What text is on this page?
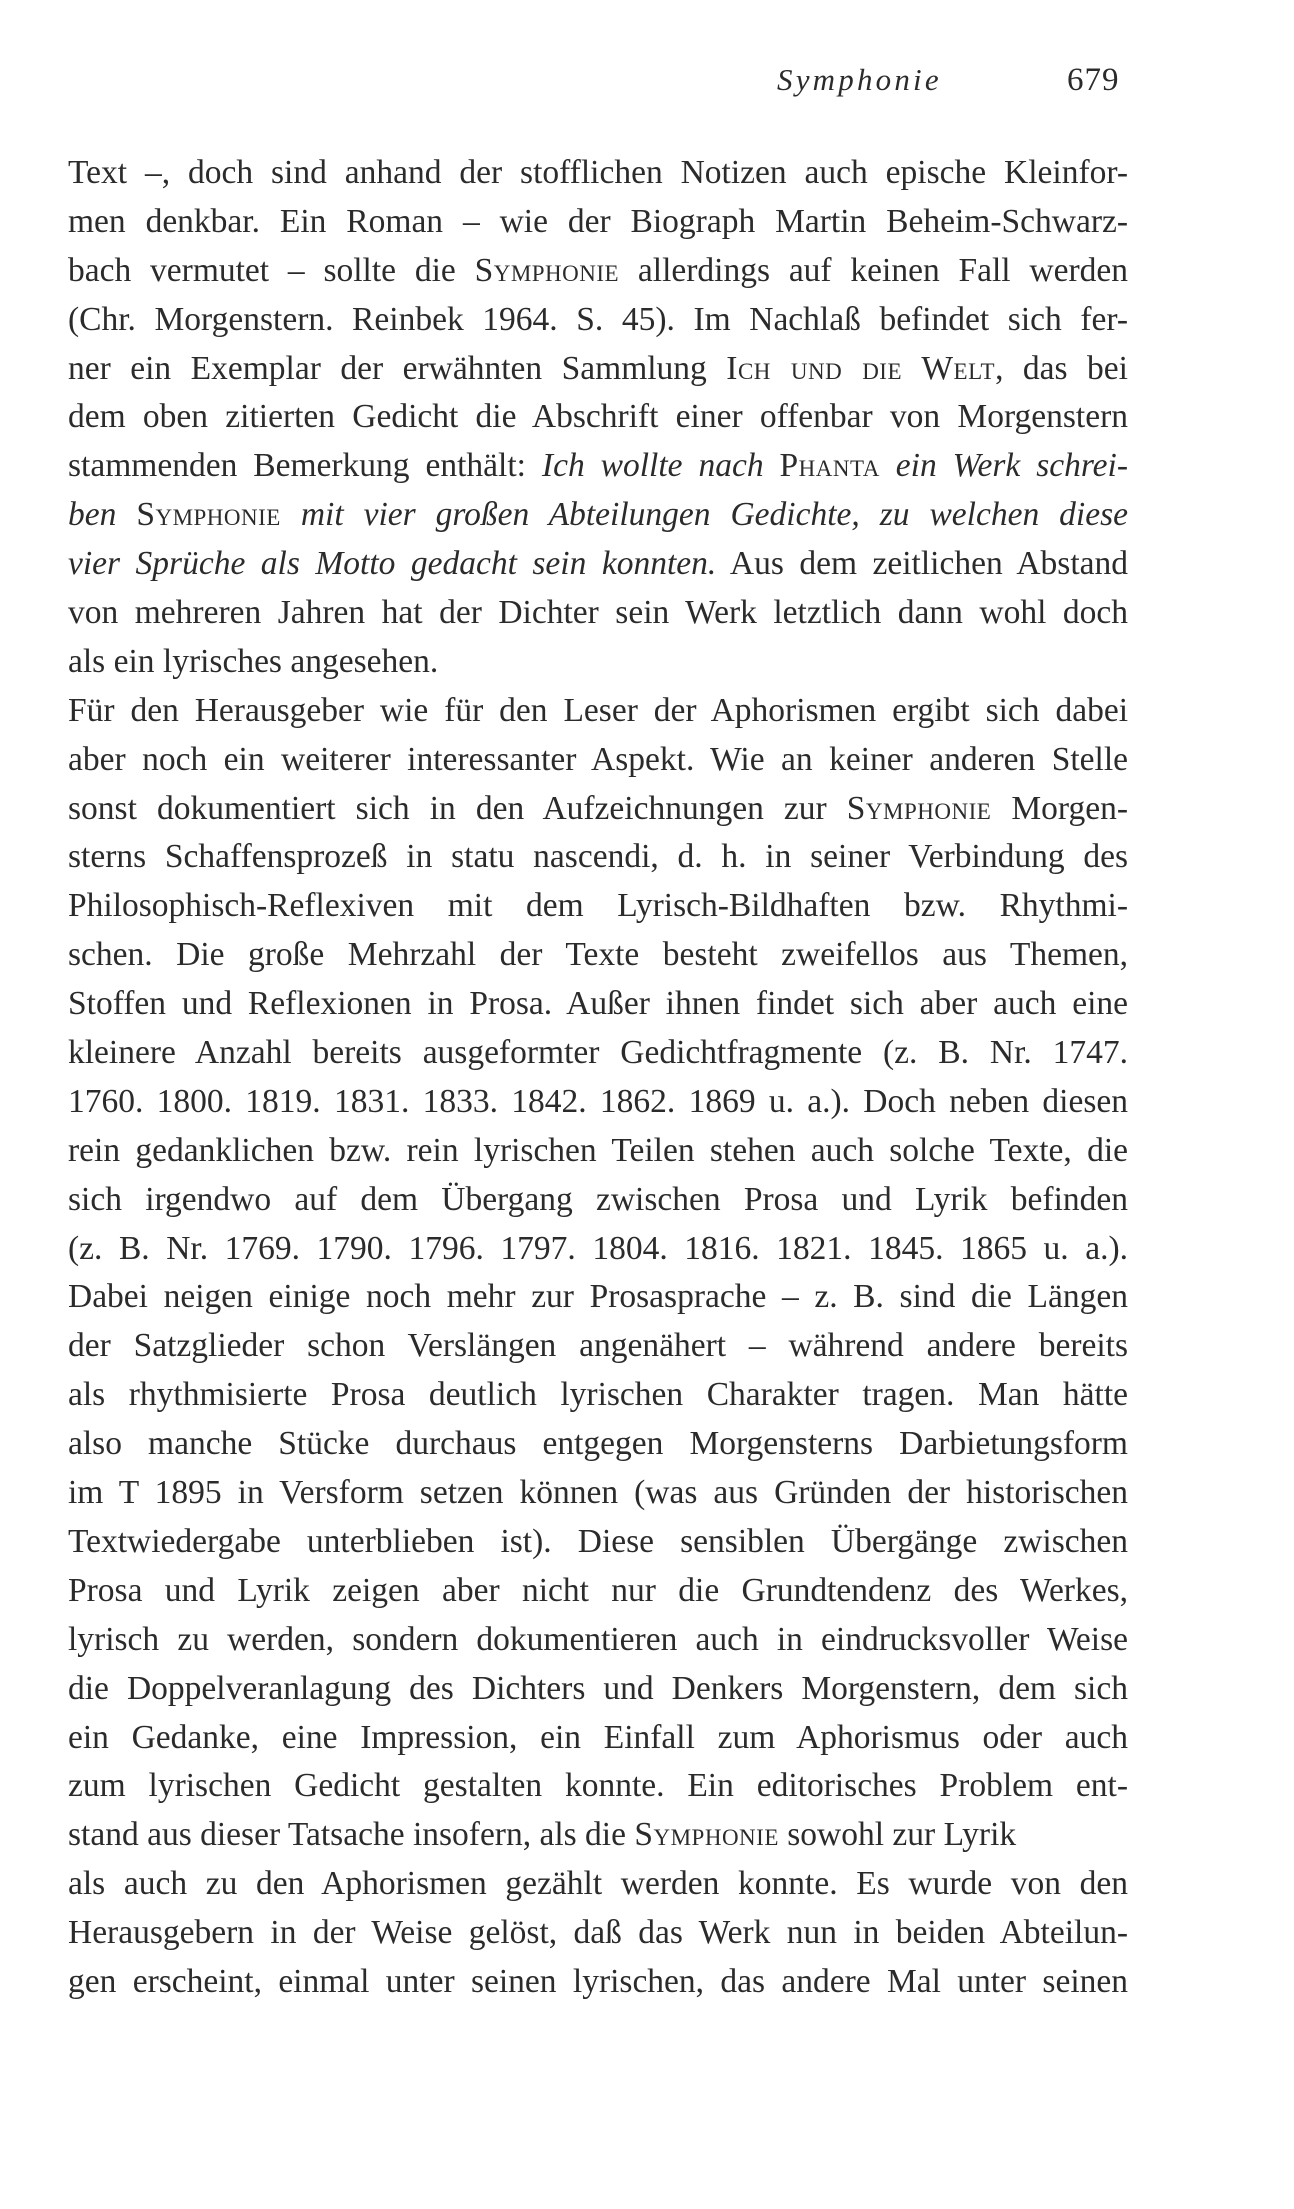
Symphonie	679
Text –, doch sind anhand der stofflichen Notizen auch epische Kleinfor-
men denkbar. Ein Roman – wie der Biograph Martin Beheim-Schwarz-
bach vermutet – sollte die Symphonie allerdings auf keinen Fall werden
(Chr. Morgenstern. Reinbek 1964. S. 45). Im Nachlaß befindet sich fer-
ner ein Exemplar der erwähnten Sammlung Ich und die Welt, das bei
dem oben zitierten Gedicht die Abschrift einer offenbar von Morgenstern
stammenden Bemerkung enthält: Ich wollte nach Phanta ein Werk schrei-
ben Symphonie mit vier großen Abteilungen Gedichte, zu welchen diese
vier Sprüche als Motto gedacht sein konnten. Aus dem zeitlichen Abstand
von mehreren Jahren hat der Dichter sein Werk letztlich dann wohl doch
als ein lyrisches angesehen.
Für den Herausgeber wie für den Leser der Aphorismen ergibt sich dabei
aber noch ein weiterer interessanter Aspekt. Wie an keiner anderen Stelle
sonst dokumentiert sich in den Aufzeichnungen zur Symphonie Morgen-
sterns Schaffensprozeß in statu nascendi, d. h. in seiner Verbindung des
Philosophisch-Reflexiven mit dem Lyrisch-Bildhaften bzw. Rhythmi-
schen. Die große Mehrzahl der Texte besteht zweifellos aus Themen,
Stoffen und Reflexionen in Prosa. Außer ihnen findet sich aber auch eine
kleinere Anzahl bereits ausgeformter Gedichtfragmente (z. B. Nr. 1747.
1760. 1800. 1819. 1831. 1833. 1842. 1862. 1869 u. a.). Doch neben diesen
rein gedanklichen bzw. rein lyrischen Teilen stehen auch solche Texte, die
sich irgendwo auf dem Übergang zwischen Prosa und Lyrik befinden
(z. B. Nr. 1769. 1790. 1796. 1797. 1804. 1816. 1821. 1845. 1865 u. a.).
Dabei neigen einige noch mehr zur Prosasprache – z. B. sind die Längen
der Satzglieder schon Verslängen angenähert – während andere bereits
als rhythmisierte Prosa deutlich lyrischen Charakter tragen. Man hätte
also manche Stücke durchaus entgegen Morgensterns Darbietungsform
im T 1895 in Versform setzen können (was aus Gründen der historischen
Textwiedergabe unterblieben ist). Diese sensiblen Übergänge zwischen
Prosa und Lyrik zeigen aber nicht nur die Grundtendenz des Werkes,
lyrisch zu werden, sondern dokumentieren auch in eindrucksvoller Weise
die Doppelveranlagung des Dichters und Denkers Morgenstern, dem sich
ein Gedanke, eine Impression, ein Einfall zum Aphorismus oder auch
zum lyrischen Gedicht gestalten konnte. Ein editorisches Problem ent-
stand aus dieser Tatsache insofern, als die Symphonie sowohl zur Lyrik
als auch zu den Aphorismen gezählt werden konnte. Es wurde von den
Herausgebern in der Weise gelöst, daß das Werk nun in beiden Abteilun-
gen erscheint, einmal unter seinen lyrischen, das andere Mal unter seinen
